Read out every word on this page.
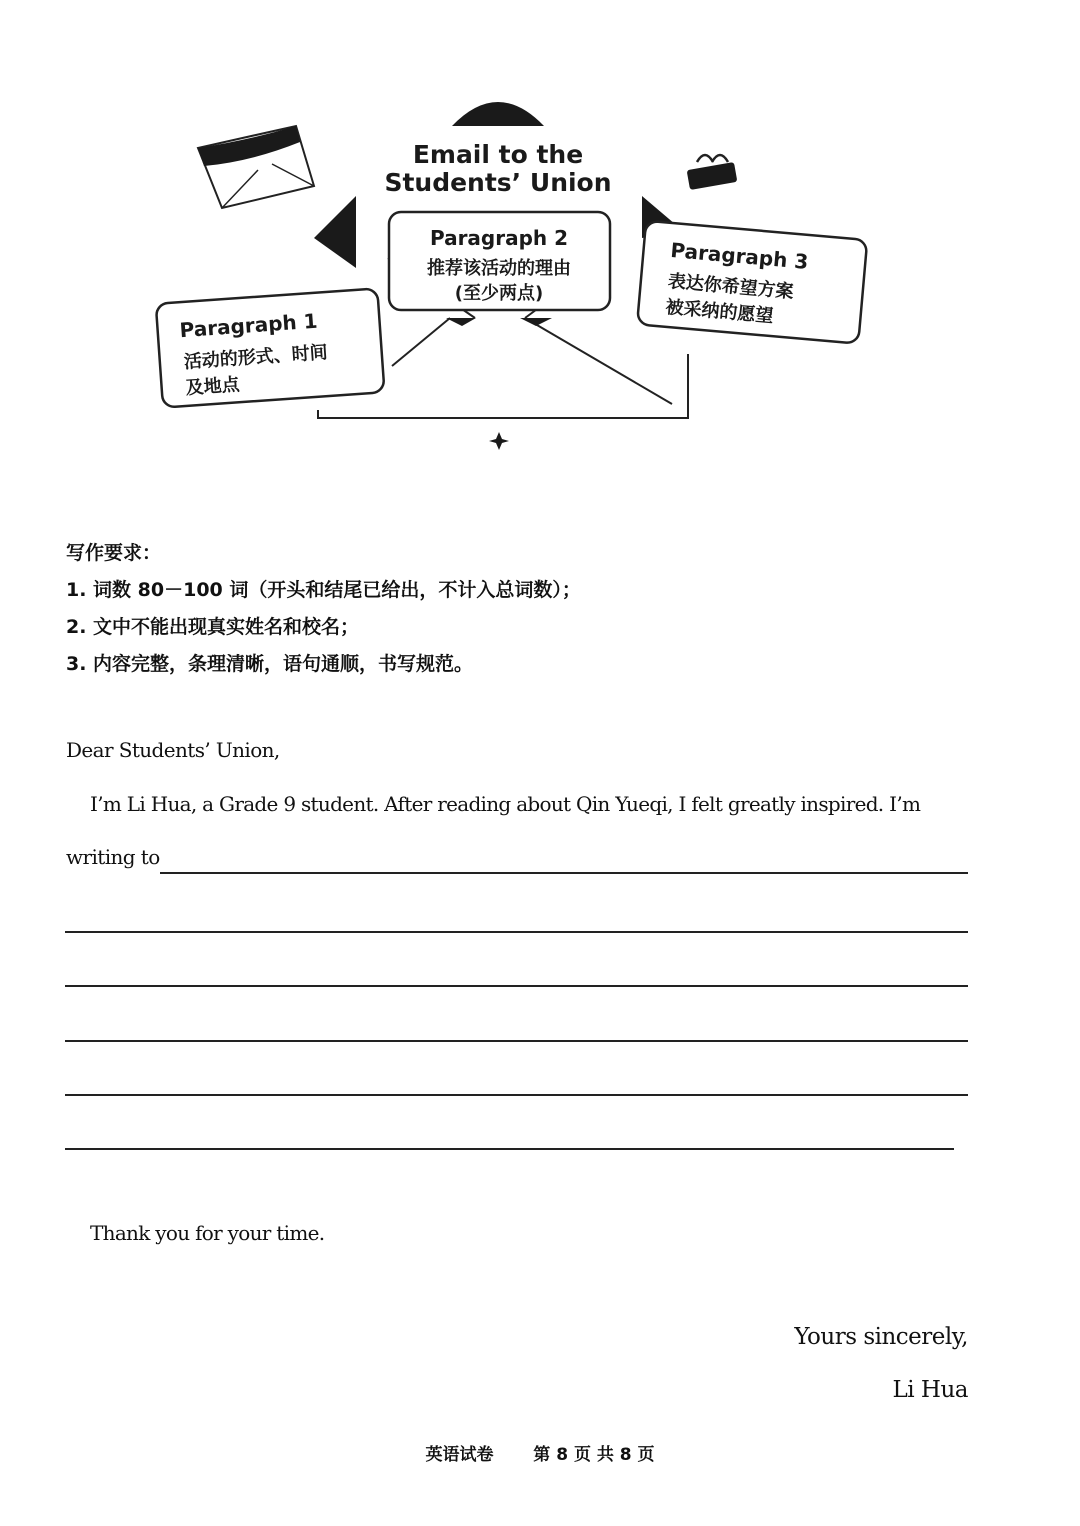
Email to the
Students’ Union
Paragraph 2
推荐该活动的理由
(至少两点)
Paragraph 1
活动的形式、时间
及地点
Paragraph 3
表达你希望方案
被采纳的愿望
写作要求：
1. 词数 80－100 词（开头和结尾已给出，不计入总词数）；
2. 文中不能出现真实姓名和校名；
3. 内容完整，条理清晰，语句通顺，书写规范。
Dear Students’ Union,
I’m Li Hua, a Grade 9 student. After reading about Qin Yueqi, I felt greatly inspired. I’m
writing to
Thank you for your time.
Yours sincerely,
Li Hua
英语试卷 第 8 页 共 8 页
